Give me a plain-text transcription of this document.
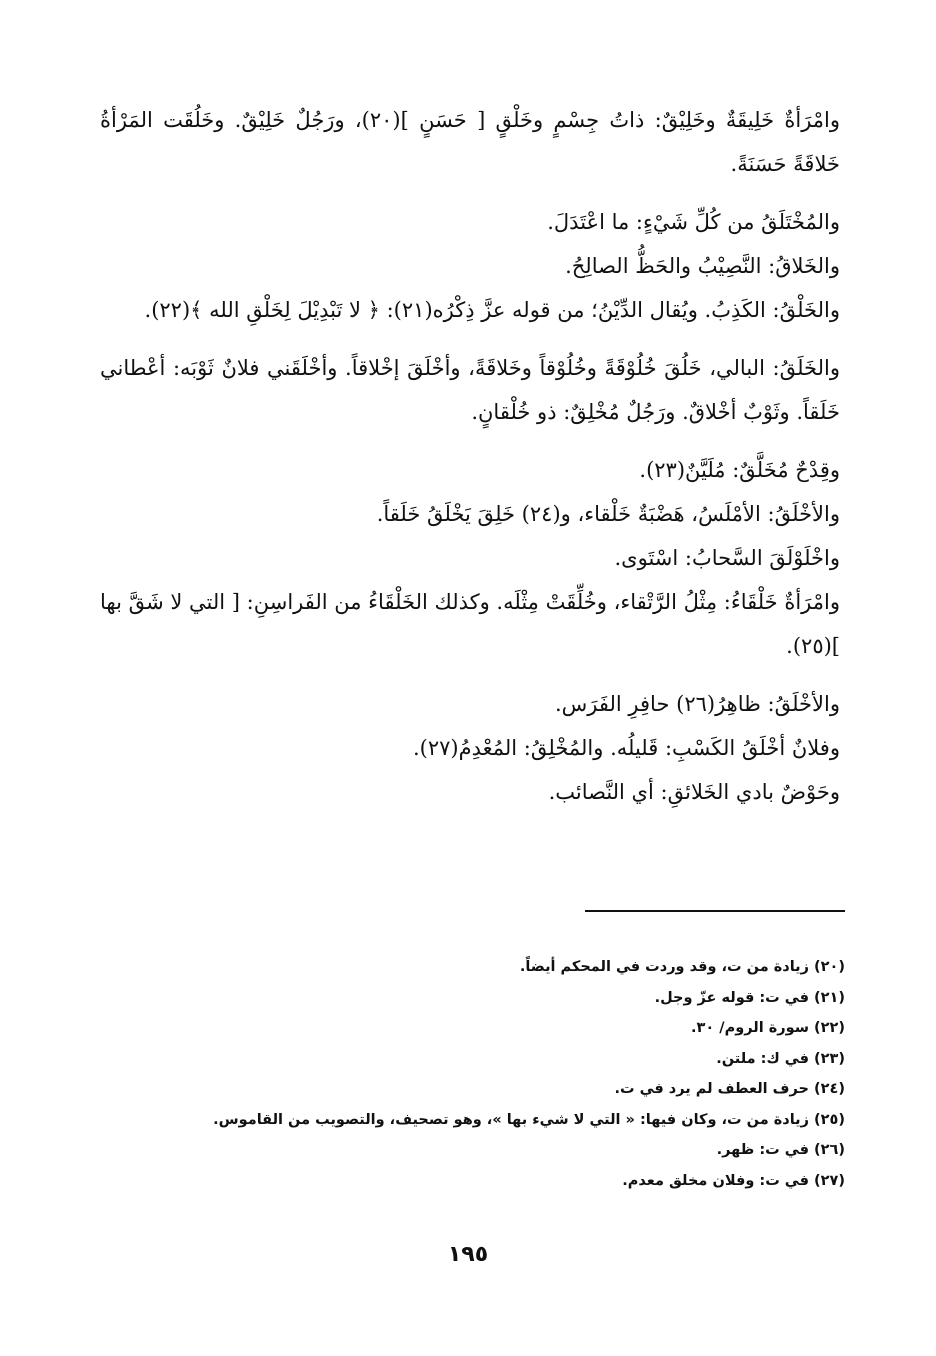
وامْرَأةٌ خَلِيقَةٌ وخَلِيْقٌ: ذاتُ جِسْمٍ وخَلْقٍ [ حَسَنٍ ](٢٠)، ورَجُلٌ خَلِيْقٌ. وخَلُقَت المَرْأةُ خَلاقَةً حَسَنَةً.

والمُخْتَلَقُ من كُلِّ شَيْءٍ: ما اعْتَدَلَ.

والخَلاقُ: النَّصِيْبُ والحَظُّ الصالِحُ.

والخَلْقُ: الكَذِبُ. ويُقال الدِّيْنُ؛ من قوله عزَّ ذِكْرُه(٢١): ﴿ لا تَبْدِيْلَ لِخَلْقِ الله ﴾(٢٢).

والخَلَقُ: البالي، خَلُقَ خُلُوْقَةً وخُلُوْقاً وخَلاقَةً، وأخْلَقَ إخْلاقاً. وأخْلَقَني فلانٌ ثَوْبَه: أعْطاني خَلَقاً. وثَوْبٌ أخْلاقٌ. ورَجُلٌ مُخْلِقٌ: ذو خُلْقانٍ.

وقِدْحٌ مُخَلَّقٌ: مُلَيَّنٌ(٢٣).

والأخْلَقُ: الأمْلَسُ، هَضْبَةٌ خَلْقاء، و(٢٤) خَلِقَ يَخْلَقُ خَلَقاً.

واخْلَوْلَقَ السَّحابُ: اسْتَوى.

وامْرَأةٌ خَلْقَاءُ: مِثْلُ الرَّتْقاء، وخُلِّقَتْ مِثْلَه. وكذلك الخَلْقَاءُ من الفَراسِنِ: [ التي لا شَقَّ بها ](٢٥).

والأخْلَقُ: ظاهِرُ(٢٦) حافِرِ الفَرَس.

وفلانٌ أخْلَقُ الكَسْبِ: قَليلُه. والمُخْلِقُ: المُعْدِمُ(٢٧).

وحَوْضٌ بادي الخَلائقِ: أي النَّصائب.

(٢٠) زيادة من ت، وقد وردت في المحكم أيضاً.

(٢١) في ت: قوله عزّ وجل.

(٢٢) سورة الروم/ ٣٠.

(٢٣) في ك: ملتن.

(٢٤) حرف العطف لم يرد في ت.

(٢٥) زيادة من ت، وكان فيها: « التي لا شيء بها »، وهو تصحيف، والتصويب من القاموس.

(٢٦) في ت: ظهر.

(٢٧) في ت: وفلان مخلق معدم.

١٩٥
